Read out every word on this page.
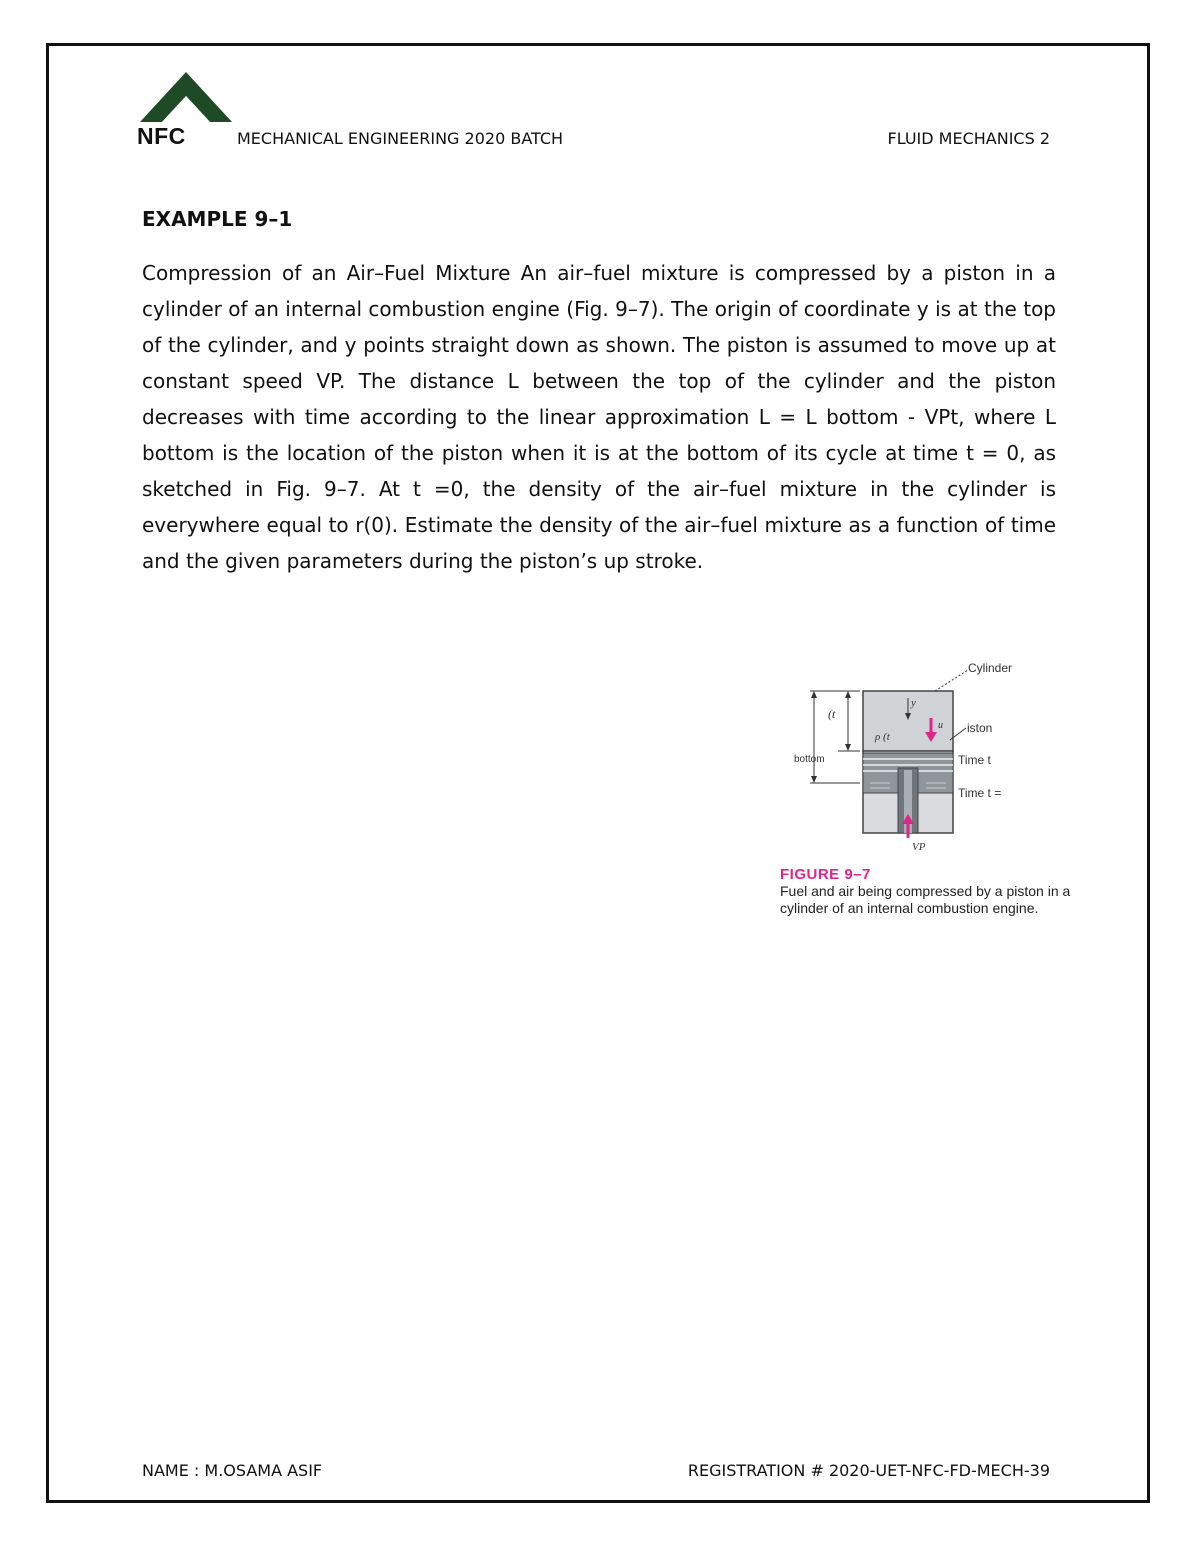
NFC	MECHANICAL ENGINEERING 2020 BATCH	FLUID MECHANICS 2
EXAMPLE 9–1
Compression of an Air–Fuel Mixture An air–fuel mixture is compressed by a piston in a cylinder of an internal combustion engine (Fig. 9–7). The origin of coordinate y is at the top of the cylinder, and y points straight down as shown. The piston is assumed to move up at constant speed VP. The distance L between the top of the cylinder and the piston decreases with time according to the linear approximation L = L bottom - VPt, where L bottom is the location of the piston when it is at the bottom of its cycle at time t = 0, as sketched in Fig. 9–7. At t =0, the density of the air–fuel mixture in the cylinder is everywhere equal to r(0). Estimate the density of the air–fuel mixture as a function of time and the given parameters during the piston’s up stroke.
(t
bottom
y
ρ (t
u
VP
Cylinder
iston
Time t
Time t =
FIGURE 9–7
Fuel and air being compressed by a piston in a cylinder of an internal combustion engine.
NAME : M.OSAMA ASIF	REGISTRATION # 2020-UET-NFC-FD-MECH-39
